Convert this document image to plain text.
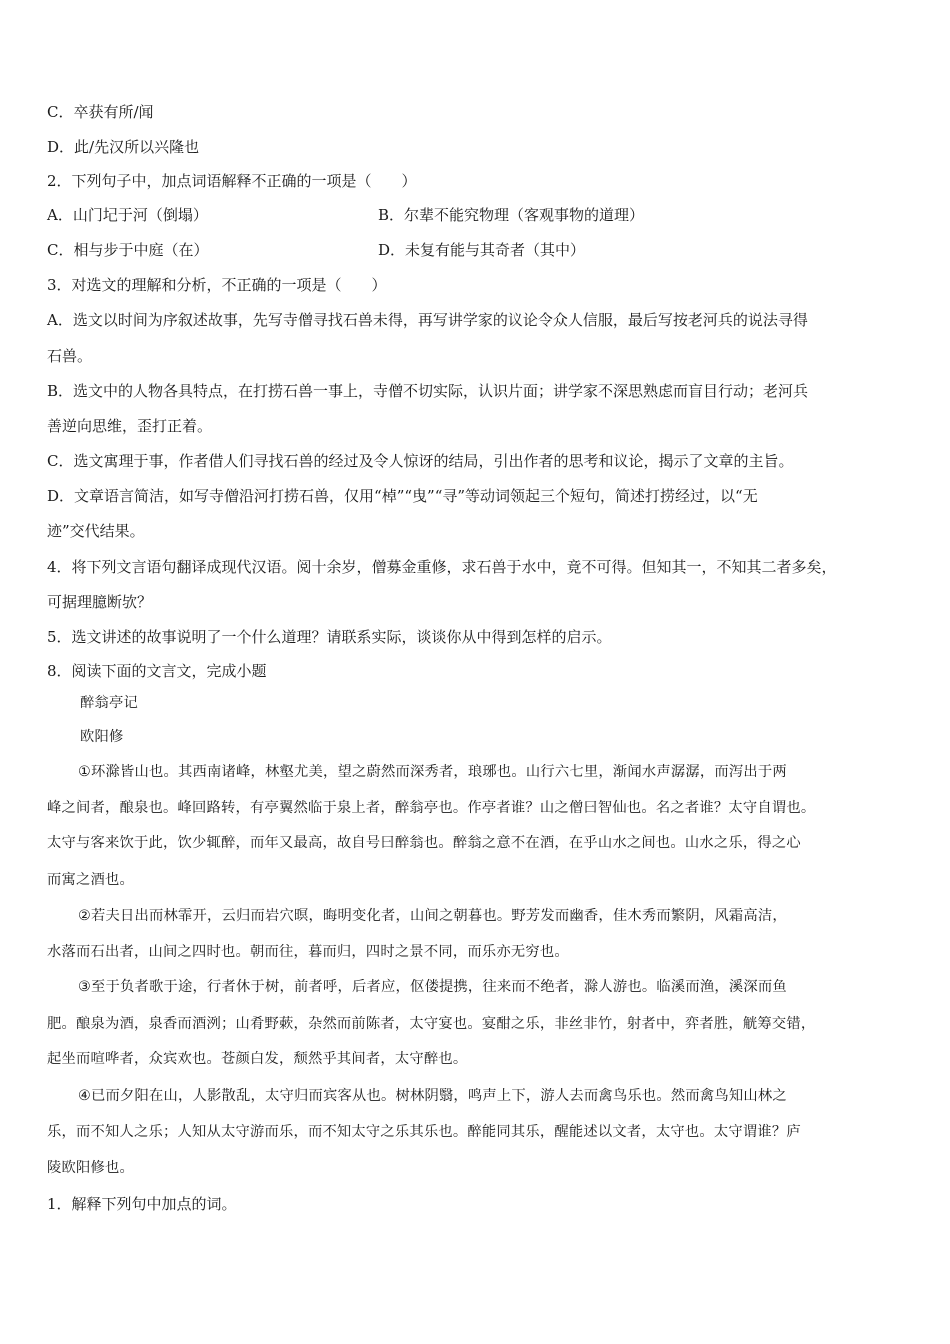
C．卒获有所/闻
D．此/先汉所以兴隆也
2．下列句子中，加点词语解释不正确的一项是（　　）
A．山门圮于河（倒塌）	B．尔辈不能究物理（客观事物的道理）
C．相与步于中庭（在）	D．未复有能与其奇者（其中）
3．对选文的理解和分析，不正确的一项是（　　）
A．选文以时间为序叙述故事，先写寺僧寻找石兽未得，再写讲学家的议论令众人信服，最后写按老河兵的说法寻得
石兽。
B．选文中的人物各具特点，在打捞石兽一事上，寺僧不切实际，认识片面；讲学家不深思熟虑而盲目行动；老河兵
善逆向思维，歪打正着。
C．选文寓理于事，作者借人们寻找石兽的经过及令人惊讶的结局，引出作者的思考和议论，揭示了文章的主旨。
D．文章语言简洁，如写寺僧沿河打捞石兽，仅用“棹”“曳”“寻”等动词领起三个短句，简述打捞经过，以“无
迹”交代结果。
4．将下列文言语句翻译成现代汉语。阅十余岁，僧募金重修，求石兽于水中，竟不可得。但知其一，不知其二者多矣，
可据理臆断欤？
5．选文讲述的故事说明了一个什么道理？请联系实际，谈谈你从中得到怎样的启示。
8．阅读下面的文言文，完成小题
醉翁亭记
欧阳修
①环滁皆山也。其西南诸峰，林壑尤美，望之蔚然而深秀者，琅琊也。山行六七里，渐闻水声潺潺，而泻出于两
峰之间者，酿泉也。峰回路转，有亭翼然临于泉上者，醉翁亭也。作亭者谁？山之僧曰智仙也。名之者谁？太守自谓也。
太守与客来饮于此，饮少辄醉，而年又最高，故自号曰醉翁也。醉翁之意不在酒，在乎山水之间也。山水之乐，得之心
而寓之酒也。
②若夫日出而林霏开，云归而岩穴暝，晦明变化者，山间之朝暮也。野芳发而幽香，佳木秀而繁阴，风霜高洁，
水落而石出者，山间之四时也。朝而往，暮而归，四时之景不同，而乐亦无穷也。
③至于负者歌于途，行者休于树，前者呼，后者应，伛偻提携，往来而不绝者，滁人游也。临溪而渔，溪深而鱼
肥。酿泉为酒，泉香而酒洌；山肴野蔌，杂然而前陈者，太守宴也。宴酣之乐，非丝非竹，射者中，弈者胜，觥筹交错，
起坐而喧哗者，众宾欢也。苍颜白发，颓然乎其间者，太守醉也。
④已而夕阳在山，人影散乱，太守归而宾客从也。树林阴翳，鸣声上下，游人去而禽鸟乐也。然而禽鸟知山林之
乐，而不知人之乐；人知从太守游而乐，而不知太守之乐其乐也。醉能同其乐，醒能述以文者，太守也。太守谓谁？庐
陵欧阳修也。
1．解释下列句中加点的词。
